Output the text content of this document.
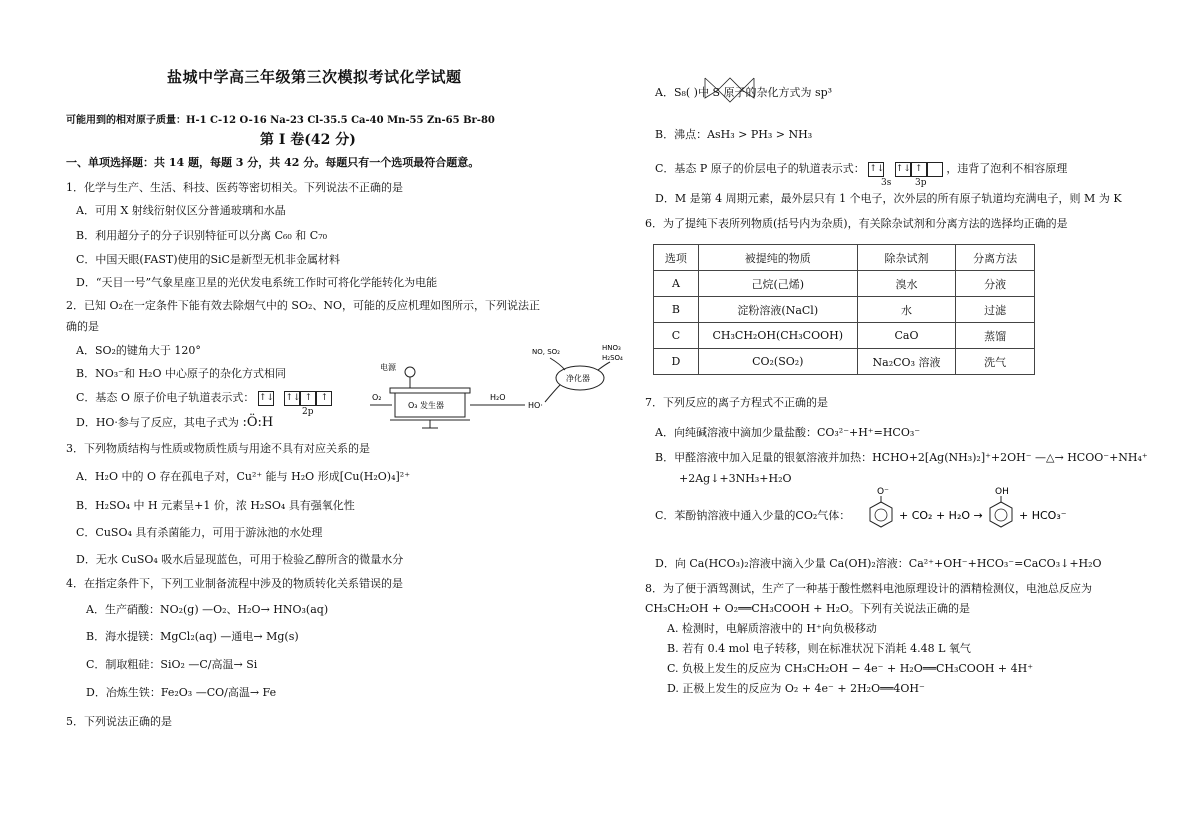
盐城中学高三年级第三次模拟考试化学试题
可能用到的相对原子质量：H-1 C-12 O-16 Na-23 Cl-35.5 Ca-40 Mn-55 Zn-65 Br-80
第 I 卷(42 分)
一、单项选择题：共 14 题，每题 3 分，共 42 分。每题只有一个选项最符合题意。
1．化学与生产、生活、科技、医药等密切相关。下列说法不正确的是
A．可用 X 射线衍射仪区分普通玻璃和水晶
B．利用超分子的分子识别特征可以分离 C₆₀ 和 C₇₀
C．中国天眼(FAST)使用的SiC是新型无机非金属材料
D．“天目一号”气象星座卫星的光伏发电系统工作时可将化学能转化为电能
2．已知 O₂在一定条件下能有效去除烟气中的 SO₂、NO，可能的反应机理如图所示，下列说法正
确的是
A．SO₂的键角大于 120°
B．NO₃⁻和 H₂O 中心原子的杂化方式相同
C．基态 O 原子价电子轨道表示式： ↑↓ ↑↓ ↑ ↑
2p
D．HO·参与了反应，其电子式为 :Ö:H
电源
O₃ 发生器
O₂	H₂O
HO·
净化器
NO, SO₂	HNO₃
H₂SO₄
3．下列物质结构与性质或物质性质与用途不具有对应关系的是
A．H₂O 中的 O 存在孤电子对，Cu²⁺ 能与 H₂O 形成[Cu(H₂O)₄]²⁺
B．H₂SO₄ 中 H 元素呈+1 价，浓 H₂SO₄ 具有强氧化性
C．CuSO₄ 具有杀菌能力，可用于游泳池的水处理
D．无水 CuSO₄ 吸水后显现蓝色，可用于检验乙醇所含的微量水分
4．在指定条件下，下列工业制备流程中涉及的物质转化关系错误的是
A．生产硝酸：NO₂(g) —O₂、H₂O→ HNO₃(aq)
B．海水提镁：MgCl₂(aq) —通电→ Mg(s)
C．制取粗硅：SiO₂ —C/高温→ Si
D．冶炼生铁：Fe₂O₃ —CO/高温→ Fe
5．下列说法正确的是
A．S₈( )中 S 原子的杂化方式为 sp³
B．沸点：AsH₃ > PH₃ > NH₃
C．基态 P 原子的价层电子的轨道表示式： ↑↓ ↑↓ ↑ ，违背了泡利不相容原理
3s	3p
D．M 是第 4 周期元素，最外层只有 1 个电子，次外层的所有原子轨道均充满电子，则 M 为 K
6．为了提纯下表所列物质(括号内为杂质)，有关除杂试剂和分离方法的选择均正确的是
选项	被提纯的物质	除杂试剂	分离方法
A	己烷(己烯)	溴水	分液
B	淀粉溶液(NaCl)	水	过滤
C	CH₃CH₂OH(CH₃COOH)	CaO	蒸馏
D	CO₂(SO₂)	Na₂CO₃ 溶液	洗气
7．下列反应的离子方程式不正确的是
A．向纯碱溶液中滴加少量盐酸：CO₃²⁻+H⁺=HCO₃⁻
B．甲醛溶液中加入足量的银氨溶液并加热：HCHO+2[Ag(NH₃)₂]⁺+2OH⁻ —△→ HCOO⁻+NH₄⁺
+2Ag↓+3NH₃+H₂O
C．苯酚钠溶液中通入少量的CO₂气体：
O⁻
+ CO₂ + H₂O →
OH
+ HCO₃⁻
D．向 Ca(HCO₃)₂溶液中滴入少量 Ca(OH)₂溶液：Ca²⁺+OH⁻+HCO₃⁻=CaCO₃↓+H₂O
8．为了便于酒驾测试，生产了一种基于酸性燃料电池原理设计的酒精检测仪，电池总反应为
CH₃CH₂OH + O₂══CH₃COOH + H₂O。下列有关说法正确的是
A. 检测时，电解质溶液中的 H⁺向负极移动
B. 若有 0.4 mol 电子转移，则在标准状况下消耗 4.48 L 氧气
C. 负极上发生的反应为 CH₃CH₂OH − 4e⁻ + H₂O══CH₃COOH + 4H⁺
D. 正极上发生的反应为 O₂ + 4e⁻ + 2H₂O══4OH⁻
